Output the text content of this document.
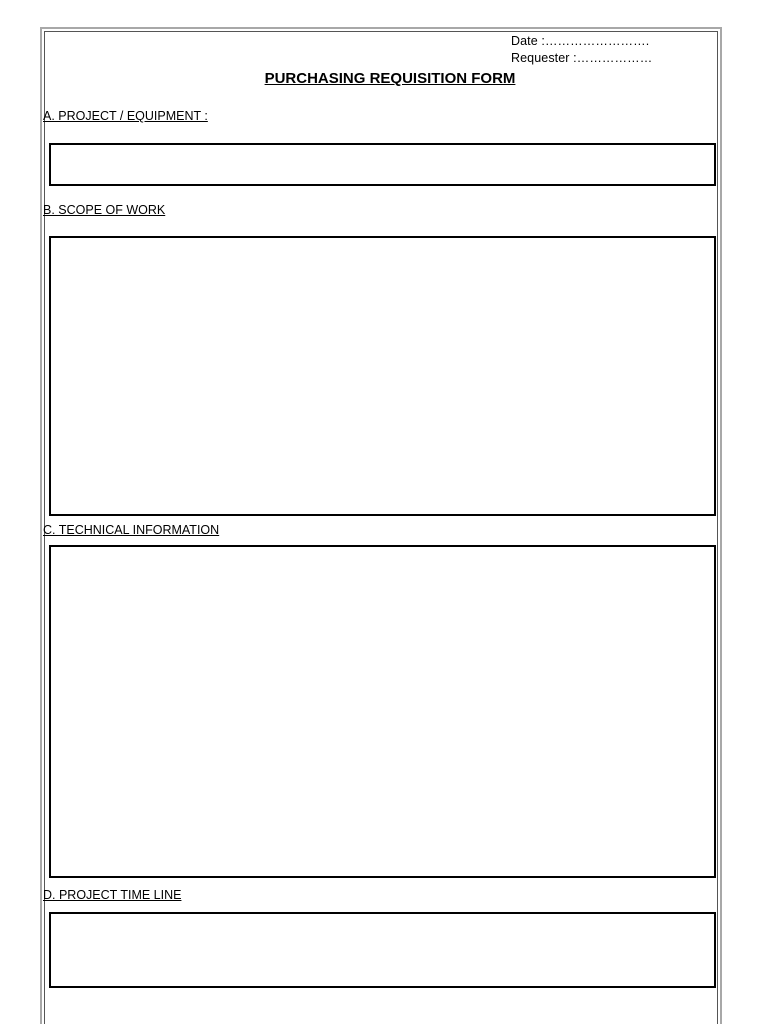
Date :…………………….
Requester :………………
PURCHASING REQUISITION FORM
A. PROJECT / EQUIPMENT :
B. SCOPE OF WORK
C. TECHNICAL INFORMATION
D. PROJECT TIME LINE
